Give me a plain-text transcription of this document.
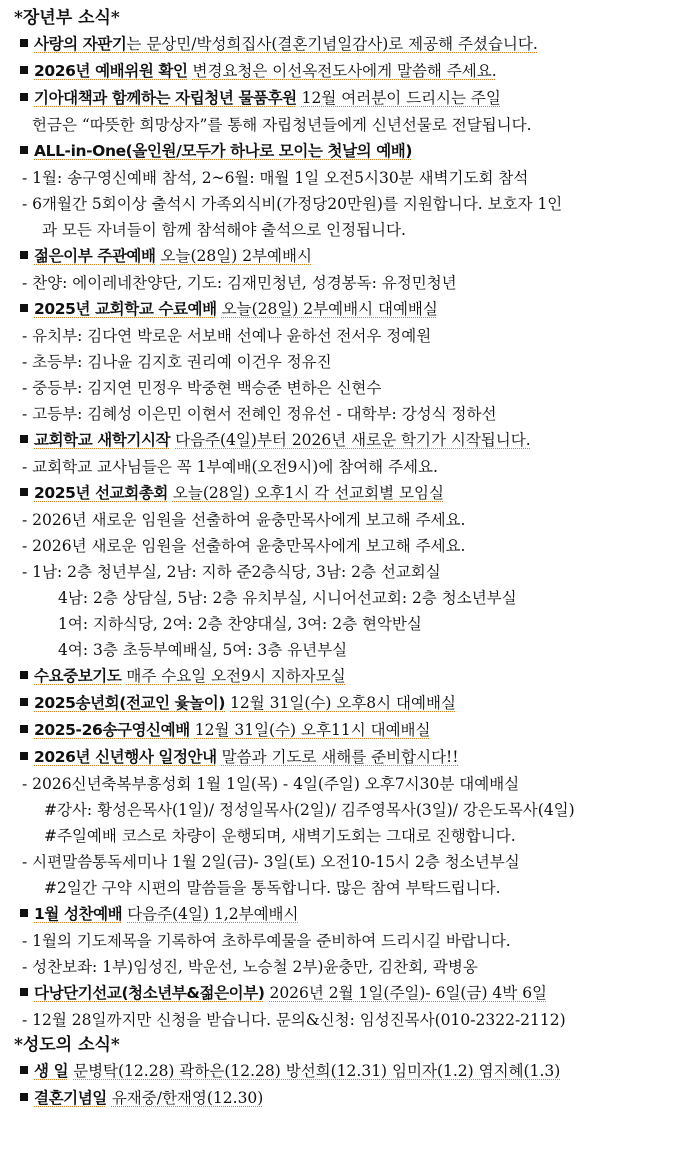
*장년부 소식*
사랑의 자판기는 문상민/박성희집사(결혼기념일감사)로 제공해 주셨습니다.
2026년 예배위원 확인 변경요청은 이선옥전도사에게 말씀해 주세요.
기아대책과 함께하는 자립청년 물품후원 12월 여러분이 드리시는 주일
헌금은 “따뜻한 희망상자”를 통해 자립청년들에게 신년선물로 전달됩니다.
ALL-in-One(올인원/모두가 하나로 모이는 첫날의 예배)
- 1월: 송구영신예배 참석, 2~6월: 매월 1일 오전5시30분 새벽기도회 참석
- 6개월간 5회이상 출석시 가족외식비(가정당20만원)를 지원합니다. 보호자 1인
과 모든 자녀들이 함께 참석해야 출석으로 인정됩니다.
젊은이부 주관예배 오늘(28일) 2부예배시
- 찬양: 에이레네찬양단, 기도: 김재민청년, 성경봉독: 유정민청년
2025년 교회학교 수료예배 오늘(28일) 2부예배시 대예배실
- 유치부: 김다연 박로운 서보배 선예나 윤하선 전서우 정예원
- 초등부: 김나윤 김지호 권리예 이건우 정유진
- 중등부: 김지연 민정우 박중현 백승준 변하은 신현수
- 고등부: 김혜성 이은민 이현서 전혜인 정유선 - 대학부: 강성식 정하선
교회학교 새학기시작 다음주(4일)부터 2026년 새로운 학기가 시작됩니다.
- 교회학교 교사님들은 꼭 1부예배(오전9시)에 참여해 주세요.
2025년 선교회총회 오늘(28일) 오후1시 각 선교회별 모임실
- 2026년 새로운 임원을 선출하여 윤충만목사에게 보고해 주세요.
- 2026년 새로운 임원을 선출하여 윤충만목사에게 보고해 주세요.
- 1남: 2층 청년부실, 2남: 지하 준2층식당, 3남: 2층 선교회실
4남: 2층 상담실, 5남: 2층 유치부실, 시니어선교회: 2층 청소년부실
1여: 지하식당, 2여: 2층 찬양대실, 3여: 2층 현악반실
4여: 3층 초등부예배실, 5여: 3층 유년부실
수요중보기도 매주 수요일 오전9시 지하자모실
2025송년회(전교인 윷놀이) 12월 31일(수) 오후8시 대예배실
2025-26송구영신예배 12월 31일(수) 오후11시 대예배실
2026년 신년행사 일정안내 말씀과 기도로 새해를 준비합시다!!
- 2026신년축복부흥성회 1월 1일(목) - 4일(주일) 오후7시30분 대예배실
#강사: 황성은목사(1일)/ 정성일목사(2일)/ 김주영목사(3일)/ 강은도목사(4일)
#주일예배 코스로 차량이 운행되며, 새벽기도회는 그대로 진행합니다.
- 시편말씀통독세미나 1월 2일(금)- 3일(토) 오전10-15시 2층 청소년부실
#2일간 구약 시편의 말씀들을 통독합니다. 많은 참여 부탁드립니다.
1월 성찬예배 다음주(4일) 1,2부예배시
- 1월의 기도제목을 기록하여 초하루예물을 준비하여 드리시길 바랍니다.
- 성찬보좌: 1부)임성진, 박운선, 노승철 2부)윤충만, 김찬회, 곽병옹
다낭단기선교(청소년부&젊은이부) 2026년 2월 1일(주일)- 6일(금) 4박 6일
- 12월 28일까지만 신청을 받습니다. 문의&신청: 임성진목사(010-2322-2112)
*성도의 소식*
생 일 문병탁(12.28) 곽하은(12.28) 방선희(12.31) 임미자(1.2) 염지혜(1.3)
결혼기념일 유재중/한재영(12.30)
